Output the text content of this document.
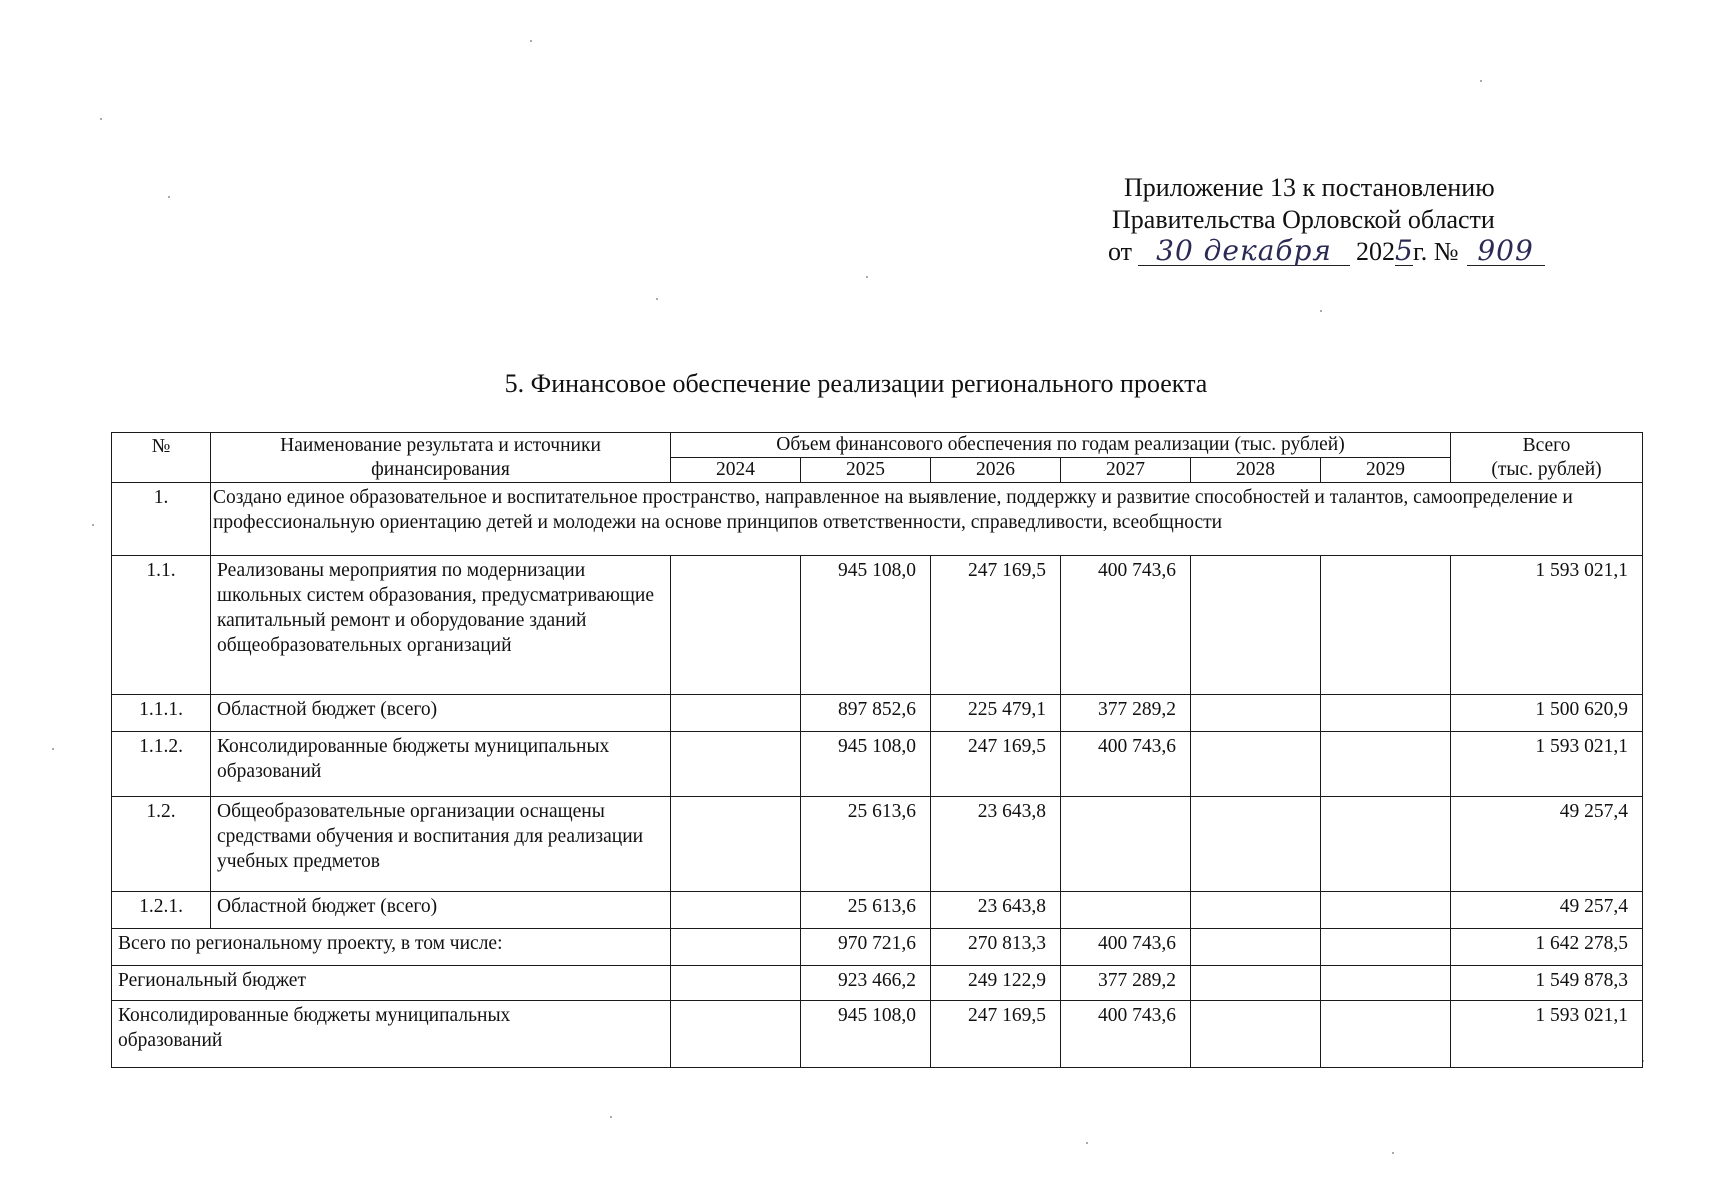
Приложение 13 к постановлению
Правительства Орловской области
от 30 декабря 2025г. № 909
5. Финансовое обеспечение реализации регионального проекта
№	Наименование результата и источники финансирования	Объем финансового обеспечения по годам реализации (тыс. рублей)						Всего
(тыс. рублей)

		2024	2025	2026	2027	2028	2029	
1.	Создано единое образовательное и воспитательное пространство, направленное на выявление, поддержку и развитие способностей и талантов, самоопределение и профессиональную ориентацию детей и молодежи на основе принципов ответственности, справедливости, всеобщности							
1.1.	Реализованы мероприятия по модернизации школьных систем образования, предусматривающие капитальный ремонт и оборудование зданий общеобразовательных организаций		945 108,0	247 169,5	400 743,6			1 593 021,1
1.1.1.	Областной бюджет (всего)		897 852,6	225 479,1	377 289,2			1 500 620,9
1.1.2.	Консолидированные бюджеты муниципальных образований		945 108,0	247 169,5	400 743,6			1 593 021,1
1.2.	Общеобразовательные организации оснащены средствами обучения и воспитания для реализации учебных предметов		25 613,6	23 643,8				49 257,4
1.2.1.	Областной бюджет (всего)		25 613,6	23 643,8				49 257,4
Всего по региональному проекту, в том числе:			970 721,6	270 813,3	400 743,6			1 642 278,5
Региональный бюджет			923 466,2	249 122,9	377 289,2			1 549 878,3

Консолидированные бюджеты муниципальных образований			945 108,0	247 169,5	400 743,6			1 593 021,1
